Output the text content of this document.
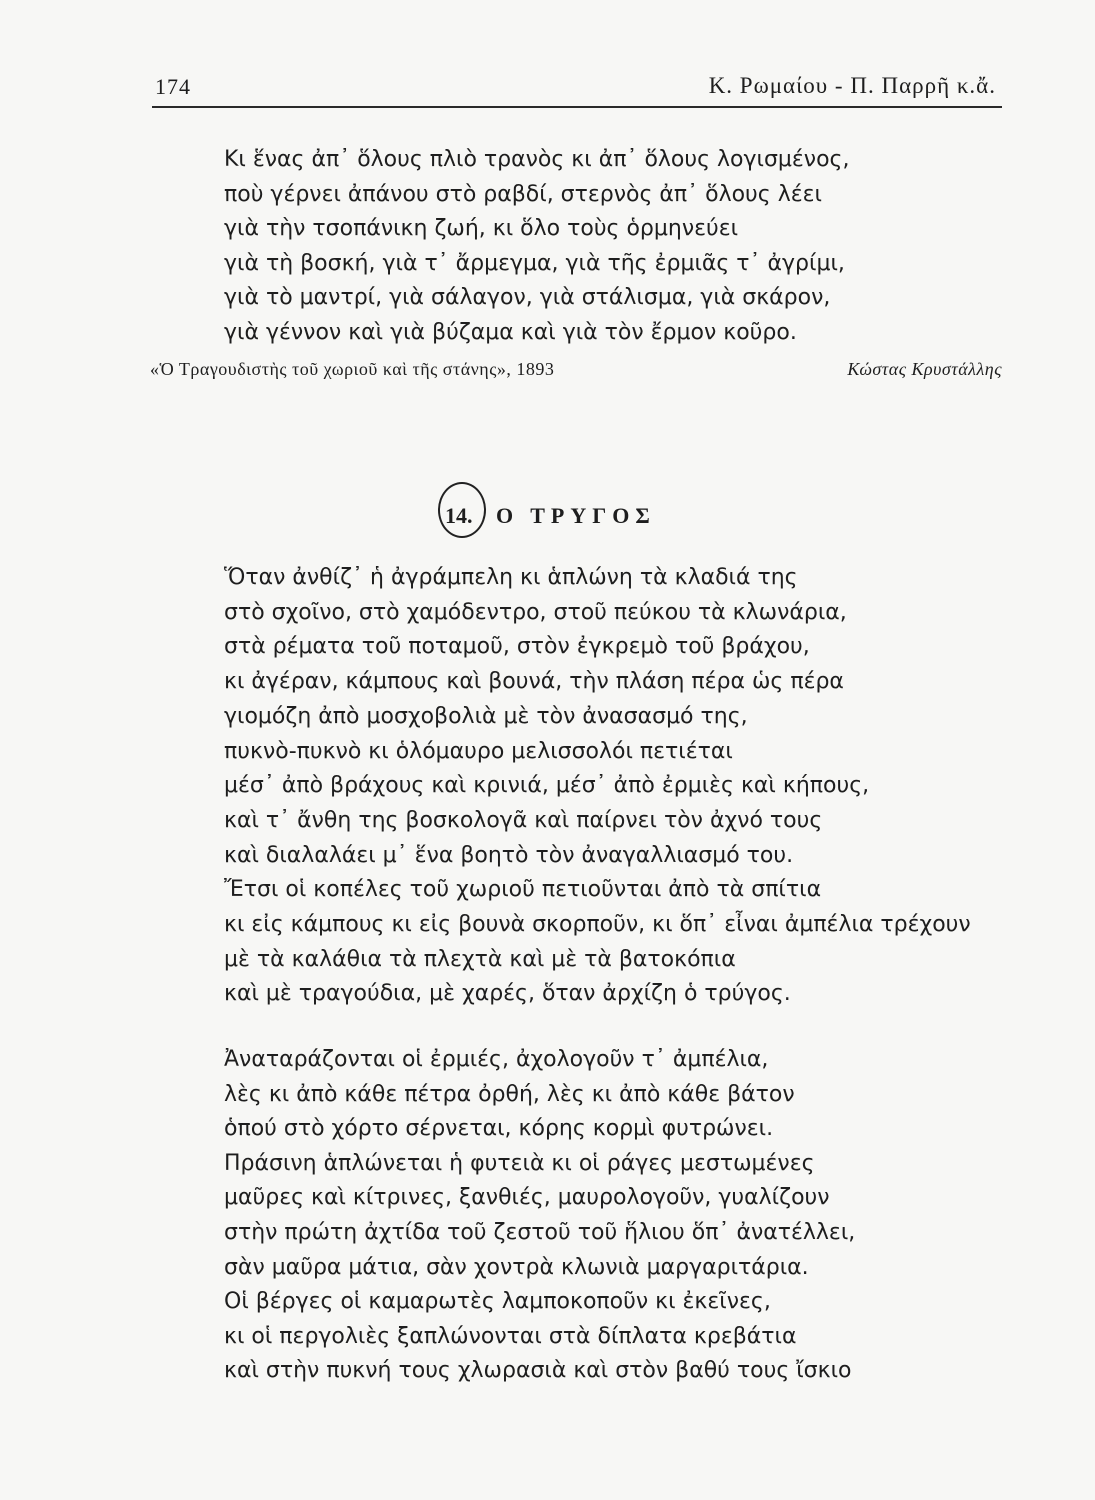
174	Κ. Ρωμαίου - Π. Παρρῆ κ.ἄ.
Κι ἕνας ἀπ᾽ ὅλους πλιὸ τρανὸς κι ἀπ᾽ ὅλους λογισμένος,
ποὺ γέρνει ἀπάνου στὸ ραβδί, στερνὸς ἀπ᾽ ὅλους λέει
γιὰ τὴν τσοπάνικη ζωή, κι ὅλο τοὺς ὁρμηνεύει
γιὰ τὴ βοσκή, γιὰ τ᾽ ἄρμεγμα, γιὰ τῆς ἐρμιᾶς τ᾽ ἀγρίμι,
γιὰ τὸ μαντρί, γιὰ σάλαγον, γιὰ στάλισμα, γιὰ σκάρον,
γιὰ γέννον καὶ γιὰ βύζαμα καὶ γιὰ τὸν ἔρμον κοῦρο.
«Ὁ Τραγουδιστὴς τοῦ χωριοῦ καὶ τῆς στάνης», 1893	Κώστας Κρυστάλλης
14. Ο ΤΡΥΓΟΣ
Ὅταν ἀνθίζ᾽ ἡ ἀγράμπελη κι ἁπλώνη τὰ κλαδιά της
στὸ σχοῖνο, στὸ χαμόδεντρο, στοῦ πεύκου τὰ κλωνάρια,
στὰ ρέματα τοῦ ποταμοῦ, στὸν ἐγκρεμὸ τοῦ βράχου,
κι ἀγέραν, κάμπους καὶ βουνά, τὴν πλάση πέρα ὡς πέρα
γιομόζη ἀπὸ μοσχοβολιὰ μὲ τὸν ἀνασασμό της,
πυκνὸ-πυκνὸ κι ὁλόμαυρο μελισσολόι πετιέται
μέσ᾽ ἀπὸ βράχους καὶ κρινιά, μέσ᾽ ἀπὸ ἐρμιὲς καὶ κήπους,
καὶ τ᾽ ἄνθη της βοσκολογᾶ καὶ παίρνει τὸν ἀχνό τους
καὶ διαλαλάει μ᾽ ἕνα βοητὸ τὸν ἀναγαλλιασμό του.
Ἔτσι οἱ κοπέλες τοῦ χωριοῦ πετιοῦνται ἀπὸ τὰ σπίτια
κι εἰς κάμπους κι εἰς βουνὰ σκορποῦν, κι ὅπ᾽ εἶναι ἀμπέλια τρέχουν
μὲ τὰ καλάθια τὰ πλεχτὰ καὶ μὲ τὰ βατοκόπια
καὶ μὲ τραγούδια, μὲ χαρές, ὅταν ἀρχίζη ὁ τρύγος.
Ἀναταράζονται οἱ ἐρμιές, ἀχολογοῦν τ᾽ ἀμπέλια,
λὲς κι ἀπὸ κάθε πέτρα ὀρθή, λὲς κι ἀπὸ κάθε βάτον
ὁπού στὸ χόρτο σέρνεται, κόρης κορμὶ φυτρώνει.
Πράσινη ἁπλώνεται ἡ φυτειὰ κι οἱ ράγες μεστωμένες
μαῦρες καὶ κίτρινες, ξανθιές, μαυρολογοῦν, γυαλίζουν
στὴν πρώτη ἀχτίδα τοῦ ζεστοῦ τοῦ ἥλιου ὅπ᾽ ἀνατέλλει,
σὰν μαῦρα μάτια, σὰν χοντρὰ κλωνιὰ μαργαριτάρια.
Οἱ βέργες οἱ καμαρωτὲς λαμποκοποῦν κι ἐκεῖνες,
κι οἱ περγολιὲς ξαπλώνονται στὰ δίπλατα κρεβάτια
καὶ στὴν πυκνή τους χλωρασιὰ καὶ στὸν βαθύ τους ἴσκιο
